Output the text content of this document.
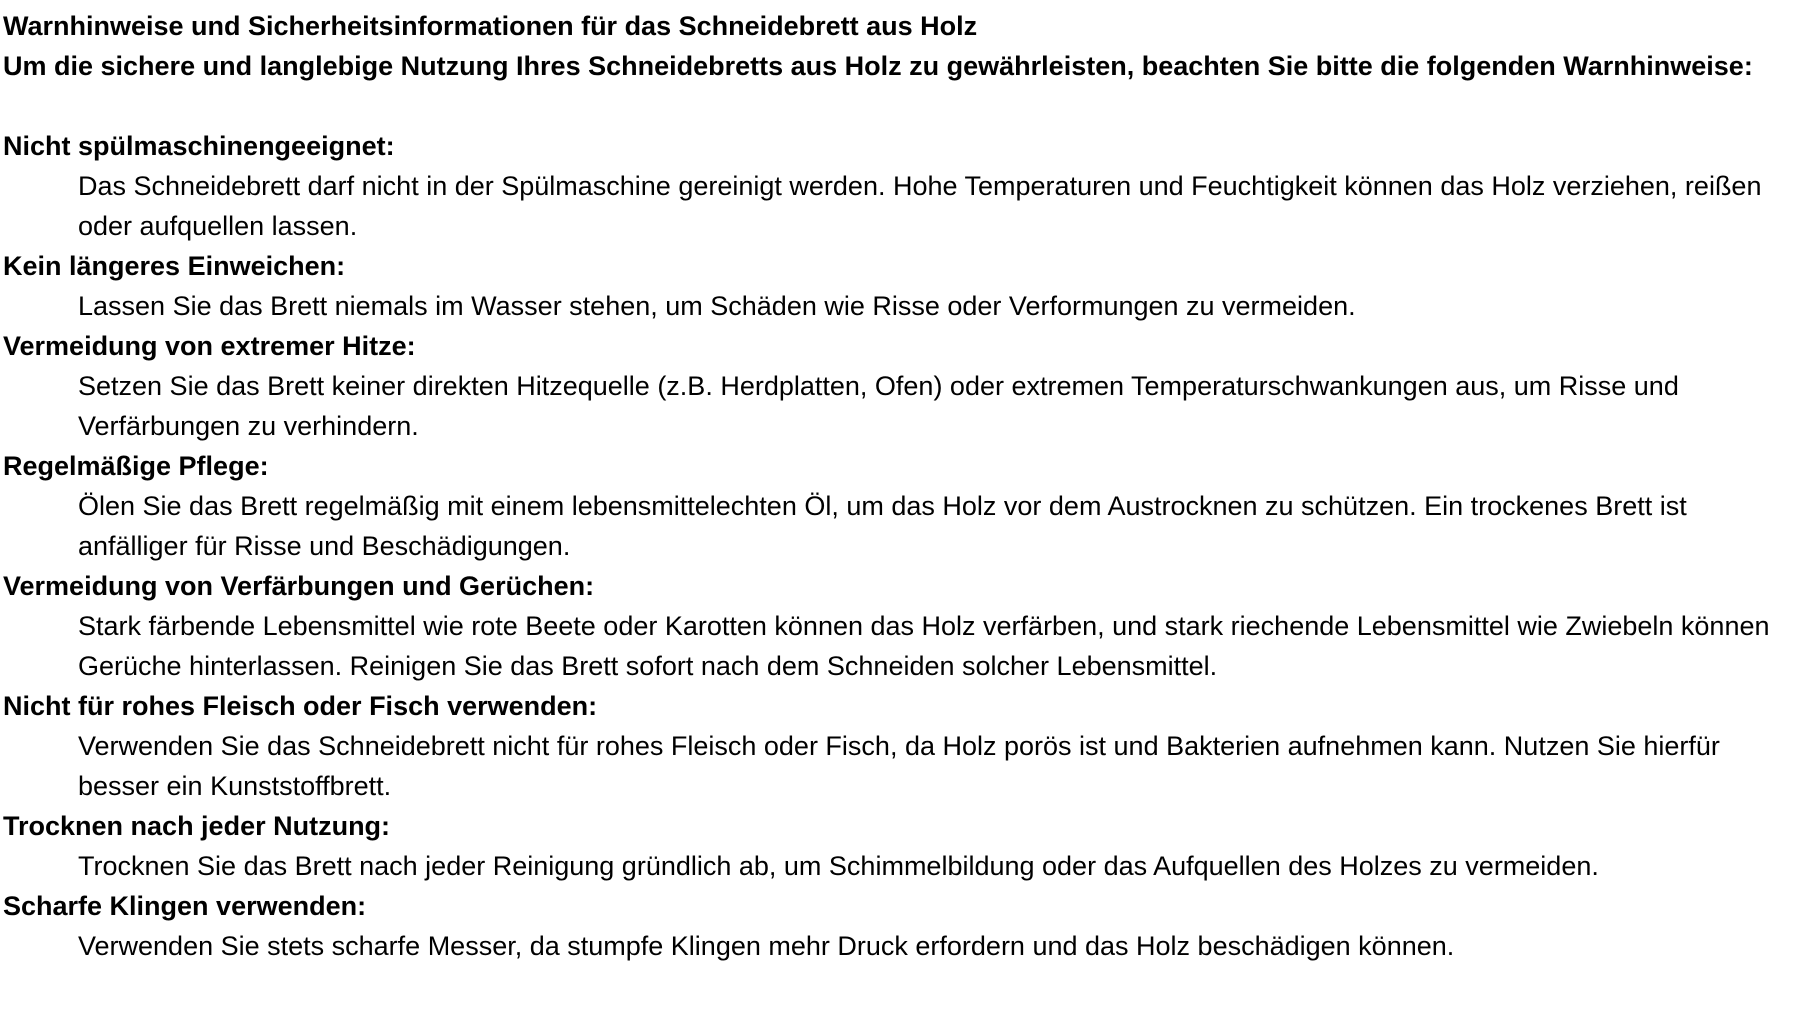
Warnhinweise und Sicherheitsinformationen für das Schneidebrett aus Holz

Um die sichere und langlebige Nutzung Ihres Schneidebretts aus Holz zu gewährleisten, beachten Sie bitte die folgenden Warnhinweise:

Nicht spülmaschinengeeignet:

Das Schneidebrett darf nicht in der Spülmaschine gereinigt werden. Hohe Temperaturen und Feuchtigkeit können das Holz verziehen, reißen oder aufquellen lassen.

Kein längeres Einweichen:

Lassen Sie das Brett niemals im Wasser stehen, um Schäden wie Risse oder Verformungen zu vermeiden.

Vermeidung von extremer Hitze:

Setzen Sie das Brett keiner direkten Hitzequelle (z.B. Herdplatten, Ofen) oder extremen Temperaturschwankungen aus, um Risse und Verfärbungen zu verhindern.

Regelmäßige Pflege:

Ölen Sie das Brett regelmäßig mit einem lebensmittelechten Öl, um das Holz vor dem Austrocknen zu schützen. Ein trockenes Brett ist anfälliger für Risse und Beschädigungen.

Vermeidung von Verfärbungen und Gerüchen:

Stark färbende Lebensmittel wie rote Beete oder Karotten können das Holz verfärben, und stark riechende Lebensmittel wie Zwiebeln können Gerüche hinterlassen. Reinigen Sie das Brett sofort nach dem Schneiden solcher Lebensmittel.

Nicht für rohes Fleisch oder Fisch verwenden:

Verwenden Sie das Schneidebrett nicht für rohes Fleisch oder Fisch, da Holz porös ist und Bakterien aufnehmen kann. Nutzen Sie hierfür besser ein Kunststoffbrett.

Trocknen nach jeder Nutzung:

Trocknen Sie das Brett nach jeder Reinigung gründlich ab, um Schimmelbildung oder das Aufquellen des Holzes zu vermeiden.

Scharfe Klingen verwenden:

Verwenden Sie stets scharfe Messer, da stumpfe Klingen mehr Druck erfordern und das Holz beschädigen können.
